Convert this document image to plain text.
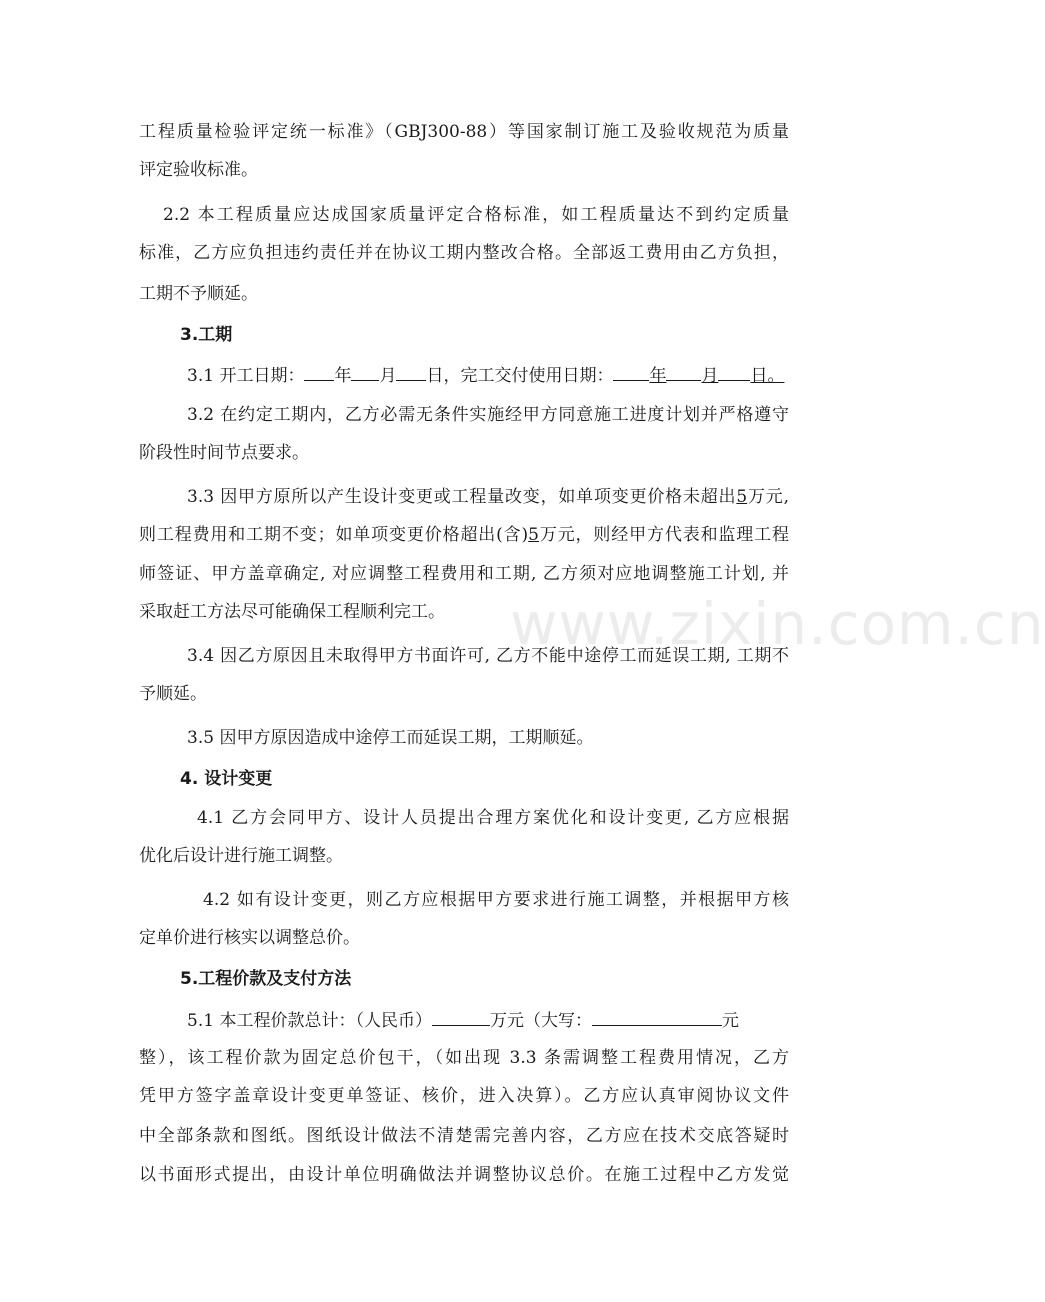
www.zixin.com.cn
工程质量检验评定统一标准》（GBJ300-88）等国家制订施工及验收规范为质量
评定验收标准。
2.2 本工程质量应达成国家质量评定合格标准，如工程质量达不到约定质量
标准，乙方应负担违约责任并在协议工期内整改合格。全部返工费用由乙方负担，
工期不予顺延。
3.工期
3.1 开工日期： 年 月 日，完工交付使用日期： 年 月 日。
3.2 在约定工期内，乙方必需无条件实施经甲方同意施工进度计划并严格遵守
阶段性时间节点要求。
3.3 因甲方原所以产生设计变更或工程量改变，如单项变更价格未超出5万元,
则工程费用和工期不变；如单项变更价格超出(含)5万元，则经甲方代表和监理工程
师签证、甲方盖章确定, 对应调整工程费用和工期, 乙方须对应地调整施工计划, 并
采取赶工方法尽可能确保工程顺利完工。
3.4 因乙方原因且未取得甲方书面许可, 乙方不能中途停工而延误工期, 工期不
予顺延。
3.5 因甲方原因造成中途停工而延误工期，工期顺延。
4. 设计变更
4.1 乙方会同甲方、设计人员提出合理方案优化和设计变更, 乙方应根据
优化后设计进行施工调整。
4.2 如有设计变更，则乙方应根据甲方要求进行施工调整，并根据甲方核
定单价进行核实以调整总价。
5.工程价款及支付方法
5.1 本工程价款总计：（人民币）	万元（大写：	元
整），该工程价款为固定总价包干，（如出现 3.3 条需调整工程费用情况，乙方
凭甲方签字盖章设计变更单签证、核价，进入决算）。乙方应认真审阅协议文件
中全部条款和图纸。图纸设计做法不清楚需完善内容，乙方应在技术交底答疑时
以书面形式提出，由设计单位明确做法并调整协议总价。在施工过程中乙方发觉
